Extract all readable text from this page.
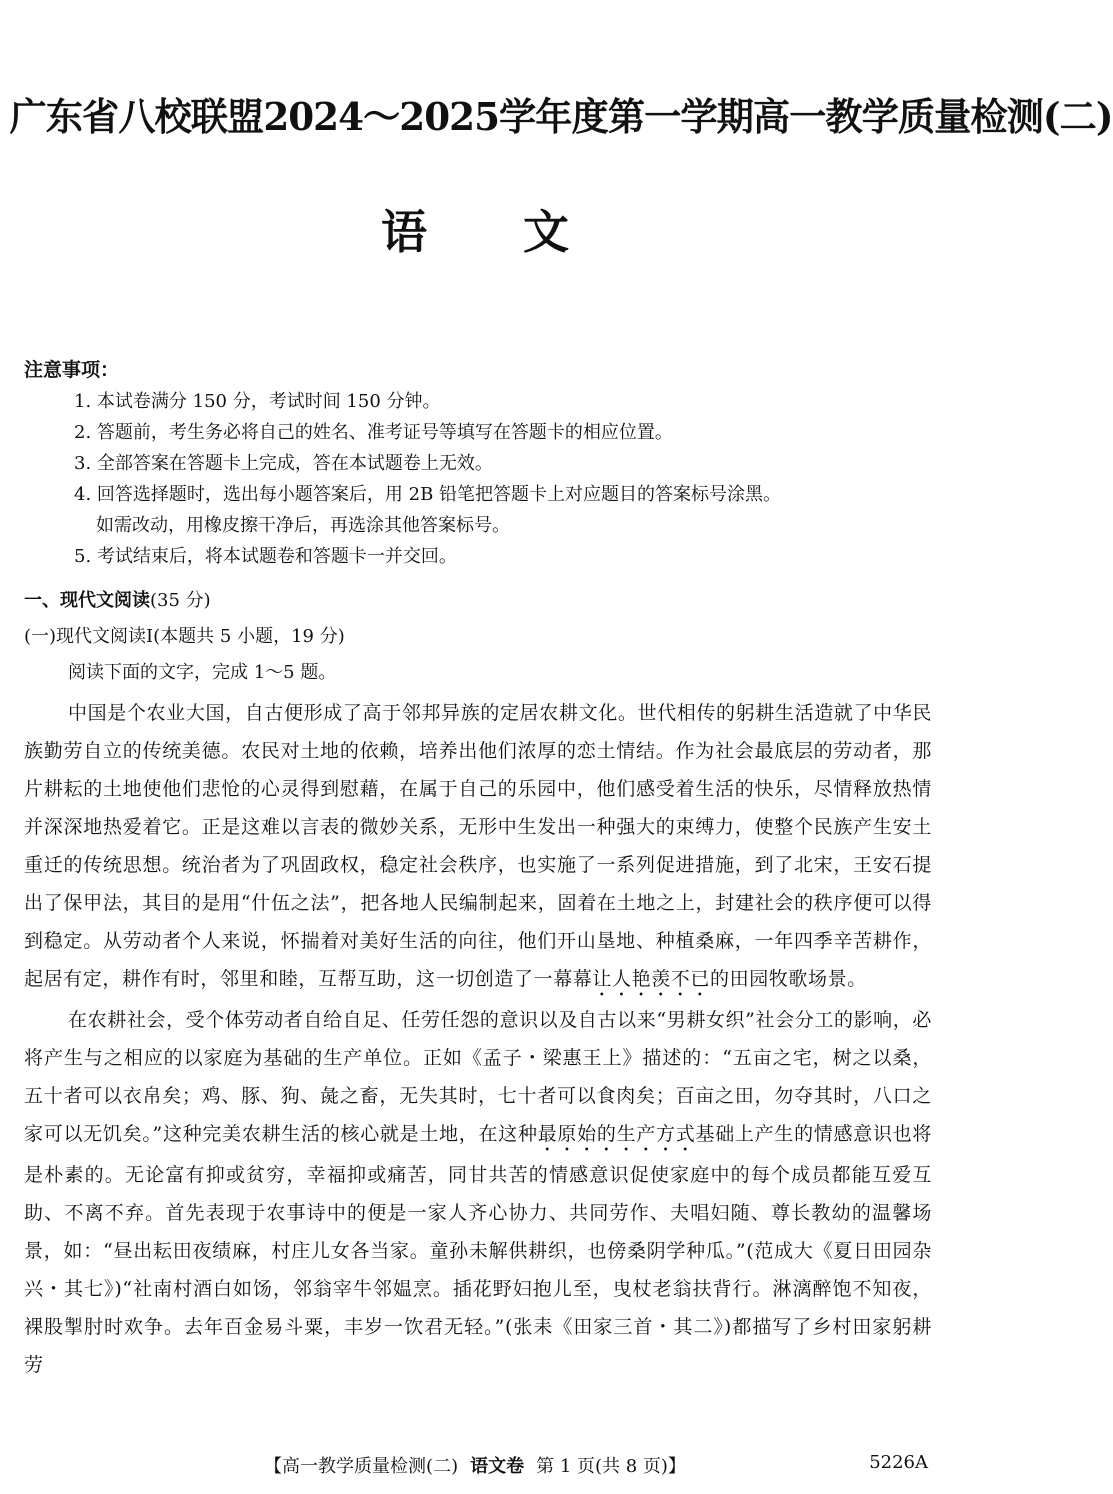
广东省八校联盟2024～2025学年度第一学期高一教学质量检测(二)
语 文
注意事项：
1. 本试卷满分 150 分，考试时间 150 分钟。
2. 答题前，考生务必将自己的姓名、准考证号等填写在答题卡的相应位置。
3. 全部答案在答题卡上完成，答在本试题卷上无效。
4. 回答选择题时，选出每小题答案后，用 2B 铅笔把答题卡上对应题目的答案标号涂黑。
如需改动，用橡皮擦干净后，再选涂其他答案标号。
5. 考试结束后，将本试题卷和答题卡一并交回。
一、现代文阅读(35 分)
(一)现代文阅读Ⅰ(本题共 5 小题，19 分)
阅读下面的文字，完成 1～5 题。

中国是个农业大国，自古便形成了高于邻邦异族的定居农耕文化。世代相传的躬耕生活造就了中华民族勤劳自立的传统美德。农民对土地的依赖，培养出他们浓厚的恋土情结。作为社会最底层的劳动者，那片耕耘的土地使他们悲怆的心灵得到慰藉，在属于自己的乐园中，他们感受着生活的快乐，尽情释放热情并深深地热爱着它。正是这难以言表的微妙关系，无形中生发出一种强大的束缚力，使整个民族产生安土重迁的传统思想。统治者为了巩固政权，稳定社会秩序，也实施了一系列促进措施，到了北宋，王安石提出了保甲法，其目的是用“什伍之法”，把各地人民编制起来，固着在土地之上，封建社会的秩序便可以得到稳定。从劳动者个人来说，怀揣着对美好生活的向往，他们开山垦地、种植桑麻，一年四季辛苦耕作，起居有定，耕作有时，邻里和睦，互帮互助，这一切创造了一幕幕让人艳羡不已的田园牧歌场景。

在农耕社会，受个体劳动者自给自足、任劳任怨的意识以及自古以来“男耕女织”社会分工的影响，必将产生与之相应的以家庭为基础的生产单位。正如《孟子・梁惠王上》描述的：“五亩之宅，树之以桑，五十者可以衣帛矣；鸡、豚、狗、彘之畜，无失其时，七十者可以食肉矣；百亩之田，勿夺其时，八口之家可以无饥矣。”这种完美农耕生活的核心就是土地，在这种最原始的生产方式基础上产生的情感意识也将是朴素的。无论富有抑或贫穷，幸福抑或痛苦，同甘共苦的情感意识促使家庭中的每个成员都能互爱互助、不离不弃。首先表现于农事诗中的便是一家人齐心协力、共同劳作、夫唱妇随、尊长教幼的温馨场景，如：“昼出耘田夜绩麻，村庄儿女各当家。童孙未解供耕织，也傍桑阴学种瓜。”(范成大《夏日田园杂兴・其七》)“社南村酒白如饧，邻翁宰牛邻媪烹。插花野妇抱儿至，曳杖老翁扶背行。淋漓醉饱不知夜，裸股掣肘时欢争。去年百金易斗粟，丰岁一饮君无轻。”(张耒《田家三首・其二》)都描写了乡村田家躬耕劳

【高一教学质量检测(二) 语文卷 第 1 页(共 8 页)】	5226A
